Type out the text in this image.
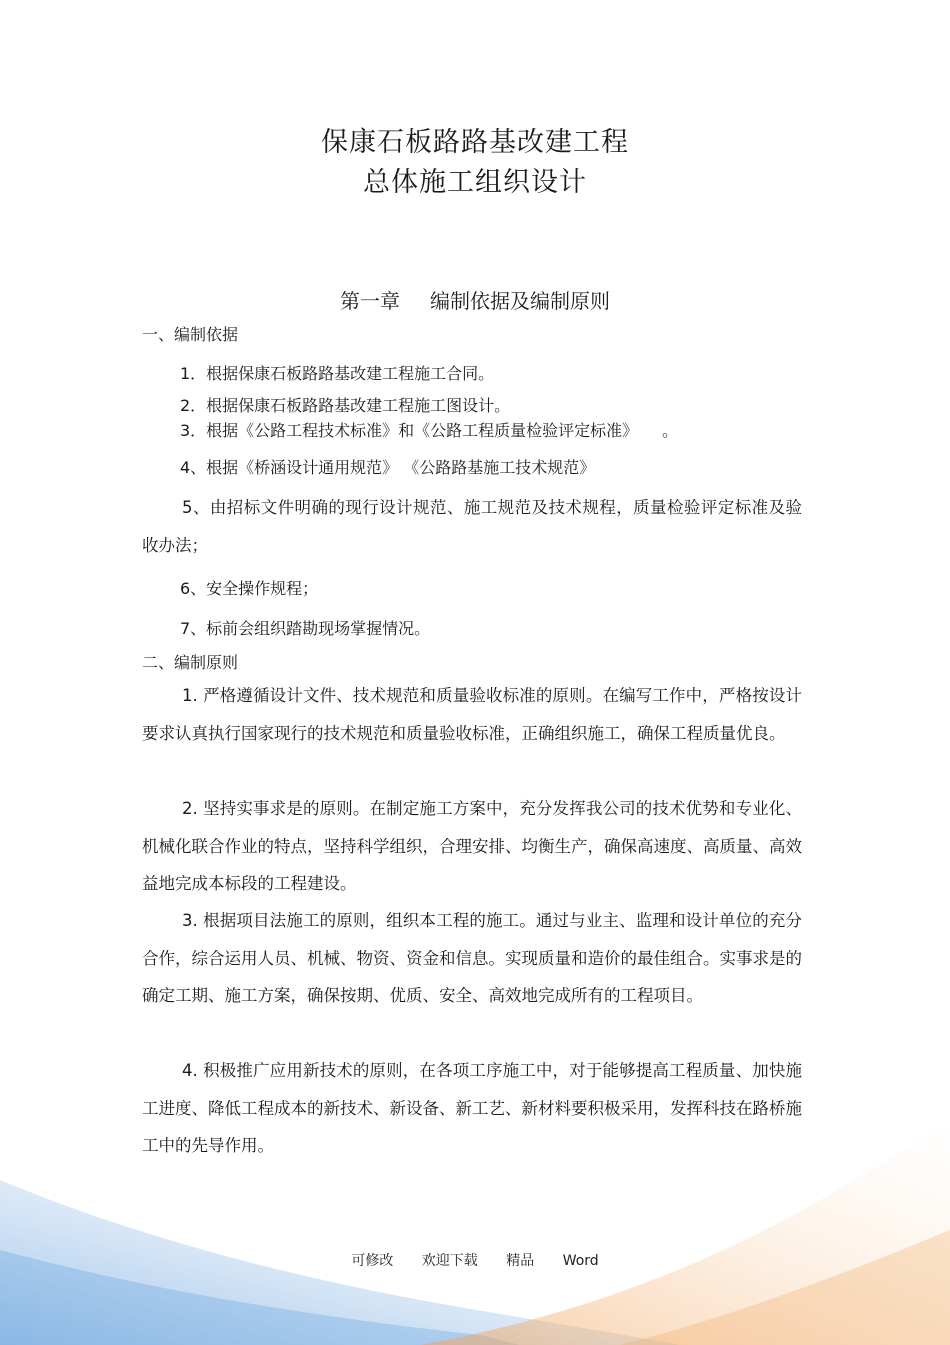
保康石板路路基改建工程
总体施工组织设计
第一章 编制依据及编制原则
一、编制依据
1．根据保康石板路路基改建工程施工合同。
2．根据保康石板路路基改建工程施工图设计。
3．根据《公路工程技术标准》和《公路工程质量检验评定标准》　　。
4、根据《桥涵设计通用规范》 《公路路基施工技术规范》
5、由招标文件明确的现行设计规范、施工规范及技术规程，质量检验评定标准及验收办法；
6、安全操作规程；
7、标前会组织踏勘现场掌握情况。
二、编制原则
1. 严格遵循设计文件、技术规范和质量验收标准的原则。在编写工作中，严格按设计要求认真执行国家现行的技术规范和质量验收标准，正确组织施工，确保工程质量优良。
2. 坚持实事求是的原则。在制定施工方案中，充分发挥我公司的技术优势和专业化、机械化联合作业的特点，坚持科学组织，合理安排、均衡生产，确保高速度、高质量、高效益地完成本标段的工程建设。
3. 根据项目法施工的原则，组织本工程的施工。通过与业主、监理和设计单位的充分合作，综合运用人员、机械、物资、资金和信息。实现质量和造价的最佳组合。实事求是的确定工期、施工方案，确保按期、优质、安全、高效地完成所有的工程项目。
4. 积极推广应用新技术的原则，在各项工序施工中，对于能够提高工程质量、加快施工进度、降低工程成本的新技术、新设备、新工艺、新材料要积极采用，发挥科技在路桥施工中的先导作用。
可修改 欢迎下载 精品 Word
